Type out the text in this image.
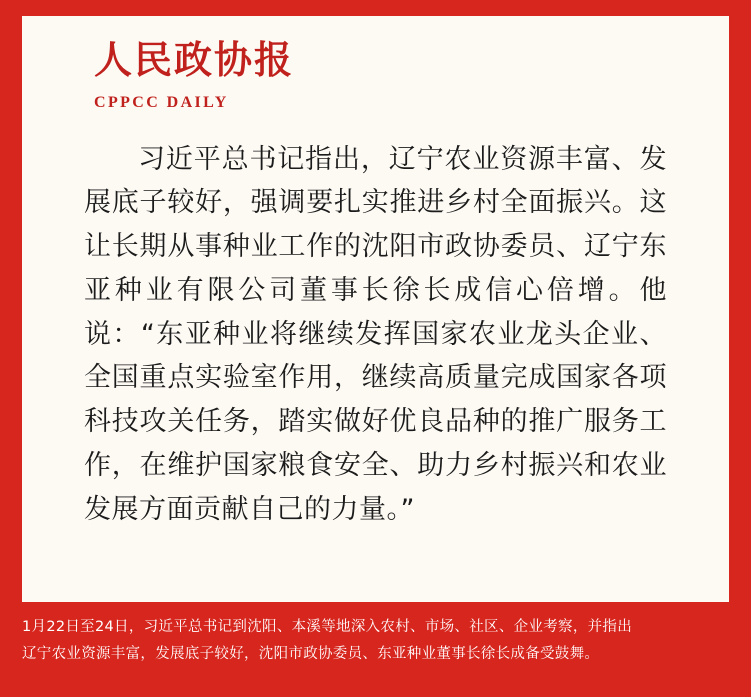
人民政协报
CPPCC DAILY
习近平总书记指出，辽宁农业资源丰富、发展底子较好，强调要扎实推进乡村全面振兴。这让长期从事种业工作的沈阳市政协委员、辽宁东亚种业有限公司董事长徐长成信心倍增。他说：“东亚种业将继续发挥国家农业龙头企业、全国重点实验室作用，继续高质量完成国家各项科技攻关任务，踏实做好优良品种的推广服务工作，在维护国家粮食安全、助力乡村振兴和农业发展方面贡献自己的力量。”
1月22日至24日，习近平总书记到沈阳、本溪等地深入农村、市场、社区、企业考察，并指出
辽宁农业资源丰富，发展底子较好，沈阳市政协委员、东亚种业董事长徐长成备受鼓舞。
